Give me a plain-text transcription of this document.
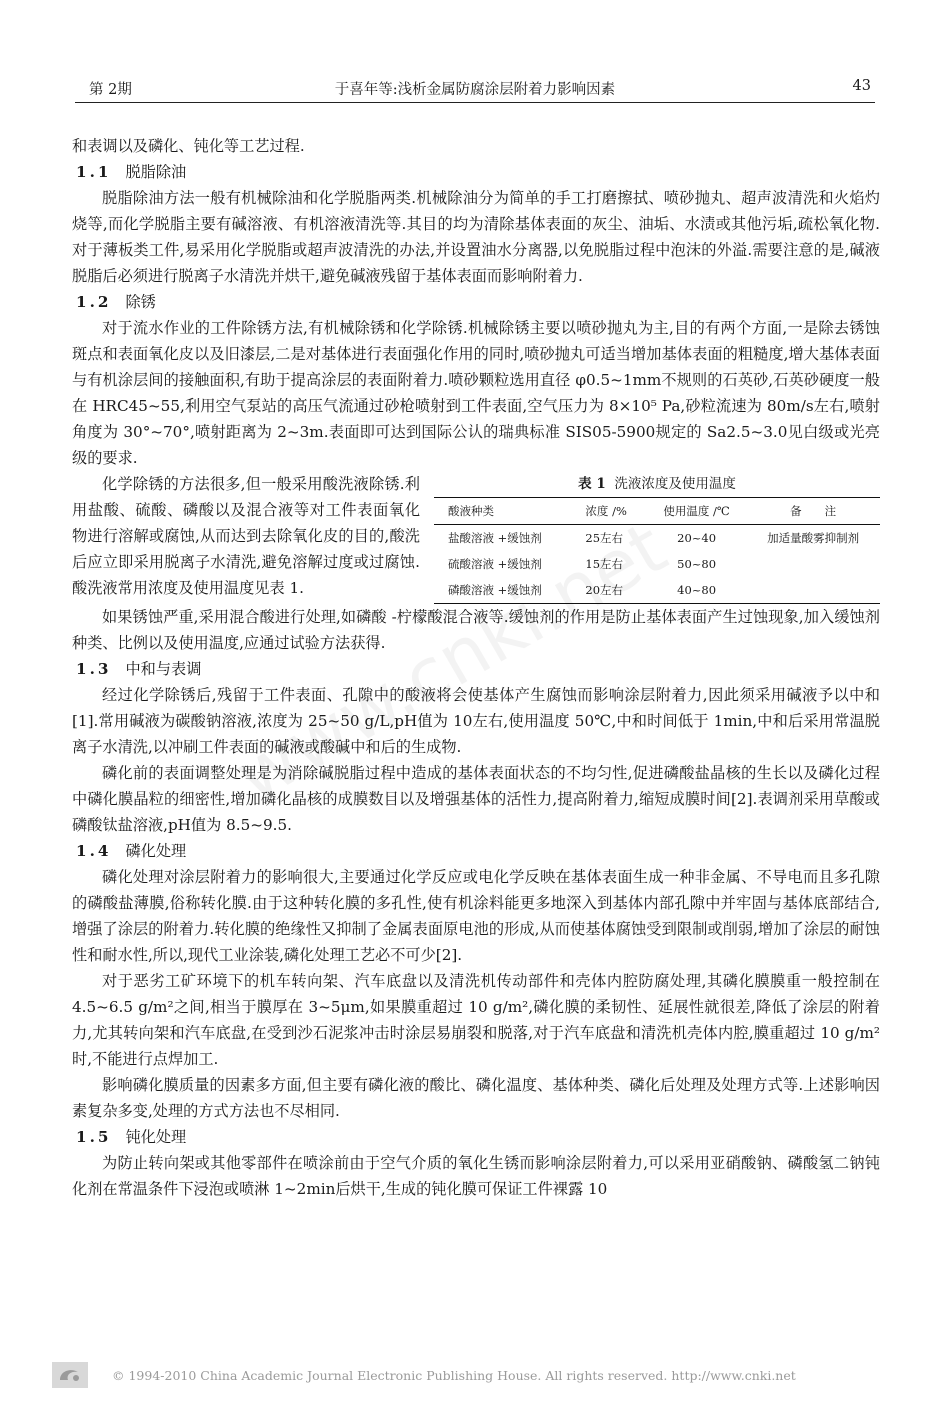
第 2期	于喜年等:浅析金属防腐涂层附着力影响因素	43

和表调以及磷化、钝化等工艺过程.

1.1 脱脂除油

脱脂除油方法一般有机械除油和化学脱脂两类.机械除油分为简单的手工打磨擦拭、喷砂抛丸、超声波清洗和火焰灼烧等,而化学脱脂主要有碱溶液、有机溶液清洗等.其目的均为清除基体表面的灰尘、油垢、水渍或其他污垢,疏松氧化物.对于薄板类工件,易采用化学脱脂或超声波清洗的办法,并设置油水分离器,以免脱脂过程中泡沫的外溢.需要注意的是,碱液脱脂后必须进行脱离子水清洗并烘干,避免碱液残留于基体表面而影响附着力.

1.2 除锈

对于流水作业的工件除锈方法,有机械除锈和化学除锈.机械除锈主要以喷砂抛丸为主,目的有两个方面,一是除去锈蚀斑点和表面氧化皮以及旧漆层,二是对基体进行表面强化作用的同时,喷砂抛丸可适当增加基体表面的粗糙度,增大基体表面与有机涂层间的接触面积,有助于提高涂层的表面附着力.喷砂颗粒选用直径 φ0.5~1mm不规则的石英砂,石英砂硬度一般在 HRC45~55,利用空气泵站的高压气流通过砂枪喷射到工件表面,空气压力为 8×10⁵ Pa,砂粒流速为 80m/s左右,喷射角度为 30°~70°,喷射距离为 2~3m.表面即可达到国际公认的瑞典标准 SIS05-5900规定的 Sa2.5~3.0见白级或光亮级的要求.

化学除锈的方法很多,但一般采用酸洗液除锈.利用盐酸、硫酸、磷酸以及混合液等对工件表面氧化物进行溶解或腐蚀,从而达到去除氧化皮的目的,酸洗后应立即采用脱离子水清洗,避免溶解过度或过腐蚀.酸洗液常用浓度及使用温度见表 1.

表 1 洗液浓度及使用温度
酸液种类	浓度 /%	使用温度 /℃	备　　注
盐酸溶液 +缓蚀剂	25左右	20~40	加适量酸雾抑制剂
硫酸溶液 +缓蚀剂	15左右	50~80	
磷酸溶液 +缓蚀剂	20左右	40~80	

如果锈蚀严重,采用混合酸进行处理,如磷酸 -柠檬酸混合液等.缓蚀剂的作用是防止基体表面产生过蚀现象,加入缓蚀剂种类、比例以及使用温度,应通过试验方法获得.

1.3 中和与表调

经过化学除锈后,残留于工件表面、孔隙中的酸液将会使基体产生腐蚀而影响涂层附着力,因此须采用碱液予以中和[1].常用碱液为碳酸钠溶液,浓度为 25~50 g/L,pH值为 10左右,使用温度 50℃,中和时间低于 1min,中和后采用常温脱离子水清洗,以冲刷工件表面的碱液或酸碱中和后的生成物.

磷化前的表面调整处理是为消除碱脱脂过程中造成的基体表面状态的不均匀性,促进磷酸盐晶核的生长以及磷化过程中磷化膜晶粒的细密性,增加磷化晶核的成膜数目以及增强基体的活性力,提高附着力,缩短成膜时间[2].表调剂采用草酸或磷酸钛盐溶液,pH值为 8.5~9.5.

1.4 磷化处理

磷化处理对涂层附着力的影响很大,主要通过化学反应或电化学反映在基体表面生成一种非金属、不导电而且多孔隙的磷酸盐薄膜,俗称转化膜.由于这种转化膜的多孔性,使有机涂料能更多地深入到基体内部孔隙中并牢固与基体底部结合,增强了涂层的附着力.转化膜的绝缘性又抑制了金属表面原电池的形成,从而使基体腐蚀受到限制或削弱,增加了涂层的耐蚀性和耐水性,所以,现代工业涂装,磷化处理工艺必不可少[2].

对于恶劣工矿环境下的机车转向架、汽车底盘以及清洗机传动部件和壳体内腔防腐处理,其磷化膜膜重一般控制在 4.5~6.5 g/m²之间,相当于膜厚在 3~5μm,如果膜重超过 10 g/m²,磷化膜的柔韧性、延展性就很差,降低了涂层的附着力,尤其转向架和汽车底盘,在受到沙石泥浆冲击时涂层易崩裂和脱落,对于汽车底盘和清洗机壳体内腔,膜重超过 10 g/m²时,不能进行点焊加工.

影响磷化膜质量的因素多方面,但主要有磷化液的酸比、磷化温度、基体种类、磷化后处理及处理方式等.上述影响因素复杂多变,处理的方式方法也不尽相同.

1.5 钝化处理

为防止转向架或其他零部件在喷涂前由于空气介质的氧化生锈而影响涂层附着力,可以采用亚硝酸钠、磷酸氢二钠钝化剂在常温条件下浸泡或喷淋 1~2min后烘干,生成的钝化膜可保证工件裸露 10

© 1994-2010 China Academic Journal Electronic Publishing House. All rights reserved. http://www.cnki.net
